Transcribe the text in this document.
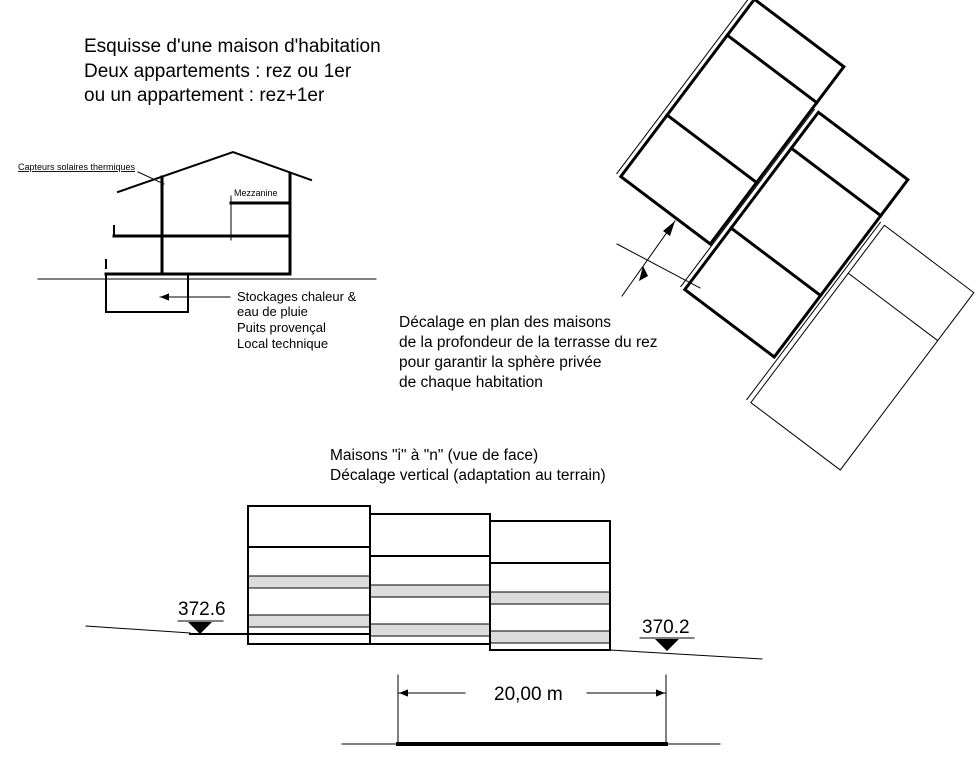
Esquisse d'une maison d'habitation
Deux appartements : rez ou 1er
ou un appartement : rez+1er
Capteurs solaires thermiques
Mezzanine
Stockages chaleur &
eau de pluie
Puits provençal
Local technique
Décalage en plan des maisons
de la profondeur de la terrasse du rez
pour garantir la sphère privée
de chaque habitation
Maisons "i" à "n" (vue de face)
Décalage vertical (adaptation au terrain)
372.6
370.2
20,00 m
